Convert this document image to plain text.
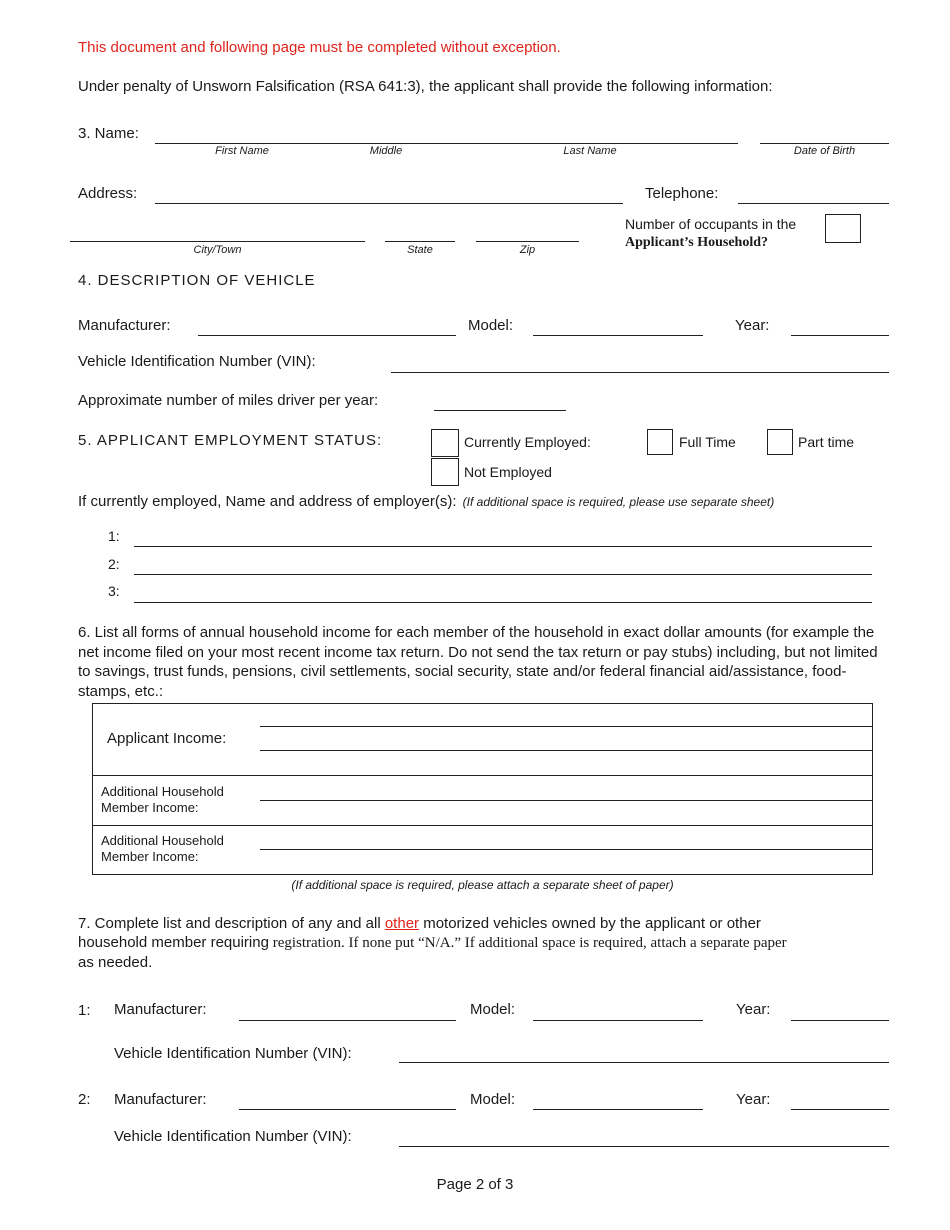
This document and following page must be completed without exception.
Under penalty of Unsworn Falsification (RSA 641:3), the applicant shall provide the following information:
3. Name:
First Name	Middle	Last Name	Date of Birth
Address:	Telephone:
City/Town	State	Zip
Number of occupants in the
Applicant’s Household?
4. DESCRIPTION OF VEHICLE
Manufacturer:	Model:	Year:
Vehicle Identification Number (VIN):
Approximate number of miles driver per year:
5. APPLICANT EMPLOYMENT STATUS:	Currently Employed:	Full Time	Part time
Not Employed
If currently employed, Name and address of employer(s): (If additional space is required, please use separate sheet)
1:
2:
3:
6. List all forms of annual household income for each member of the household in exact dollar amounts (for example the net income filed on your most recent income tax return. Do not send the tax return or pay stubs) including, but not limited to savings, trust funds, pensions, civil settlements, social security, state and/or federal financial aid/assistance, food-stamps, etc.:
Applicant Income:
Additional Household
Member Income:
Additional Household
Member Income:
(If additional space is required, please attach a separate sheet of paper)
7. Complete list and description of any and all other motorized vehicles owned by the applicant or other
household member requiring registration. If none put “N/A.” If additional space is required, attach a separate paper
as needed.
1: Manufacturer:	Model:	Year:
Vehicle Identification Number (VIN):
2: Manufacturer:	Model:	Year:
Vehicle Identification Number (VIN):
Page 2 of 3
